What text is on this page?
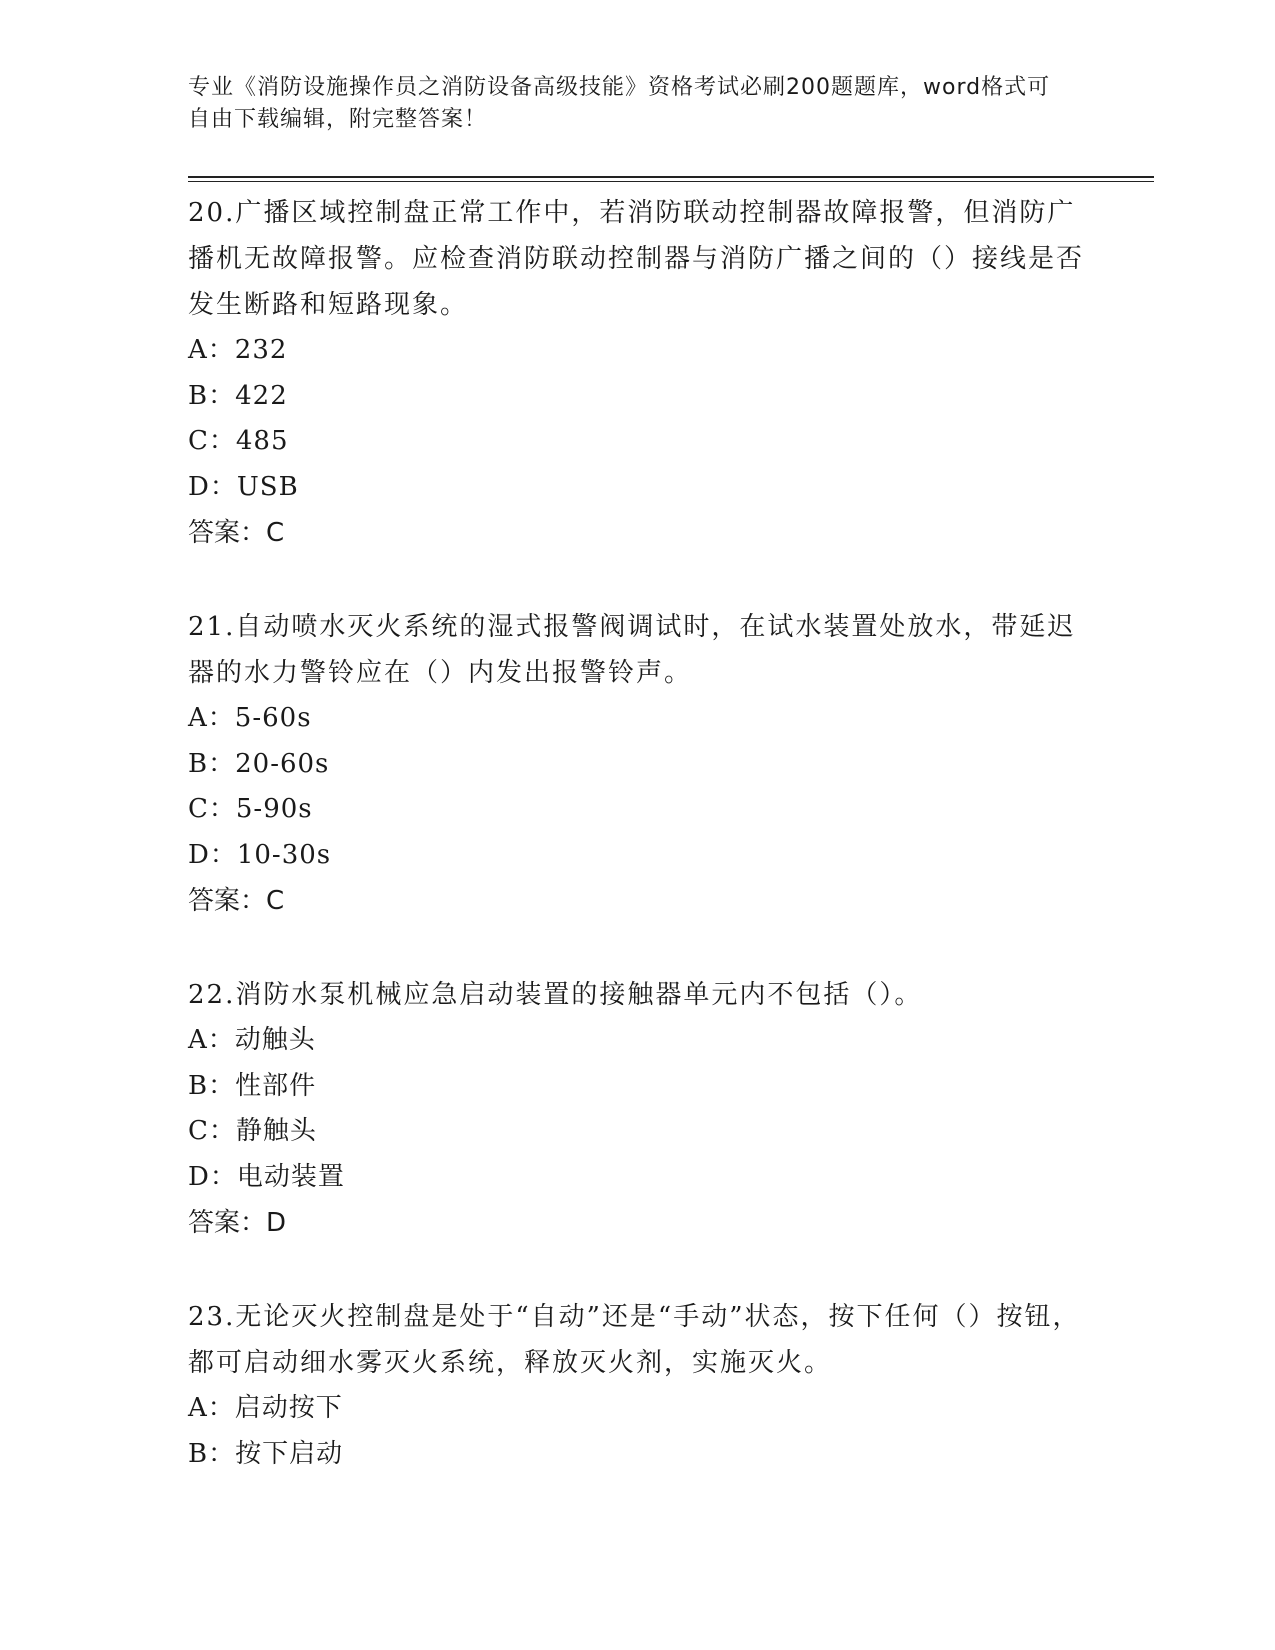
专业《消防设施操作员之消防设备高级技能》资格考试必刷200题题库，word格式可自由下载编辑，附完整答案！

20.广播区域控制盘正常工作中，若消防联动控制器故障报警，但消防广播机无故障报警。应检查消防联动控制器与消防广播之间的（）接线是否发生断路和短路现象。

A：232

B：422

C：485

D：USB

答案：C

21.自动喷水灭火系统的湿式报警阀调试时，在试水装置处放水，带延迟器的水力警铃应在（）内发出报警铃声。

A：5-60s

B：20-60s

C：5-90s

D：10-30s

答案：C

22.消防水泵机械应急启动装置的接触器单元内不包括（）。

A：动触头

B：性部件

C：静触头

D：电动装置

答案：D

23.无论灭火控制盘是处于“自动”还是“手动”状态，按下任何（）按钮，都可启动细水雾灭火系统，释放灭火剂，实施灭火。

A：启动按下

B：按下启动
